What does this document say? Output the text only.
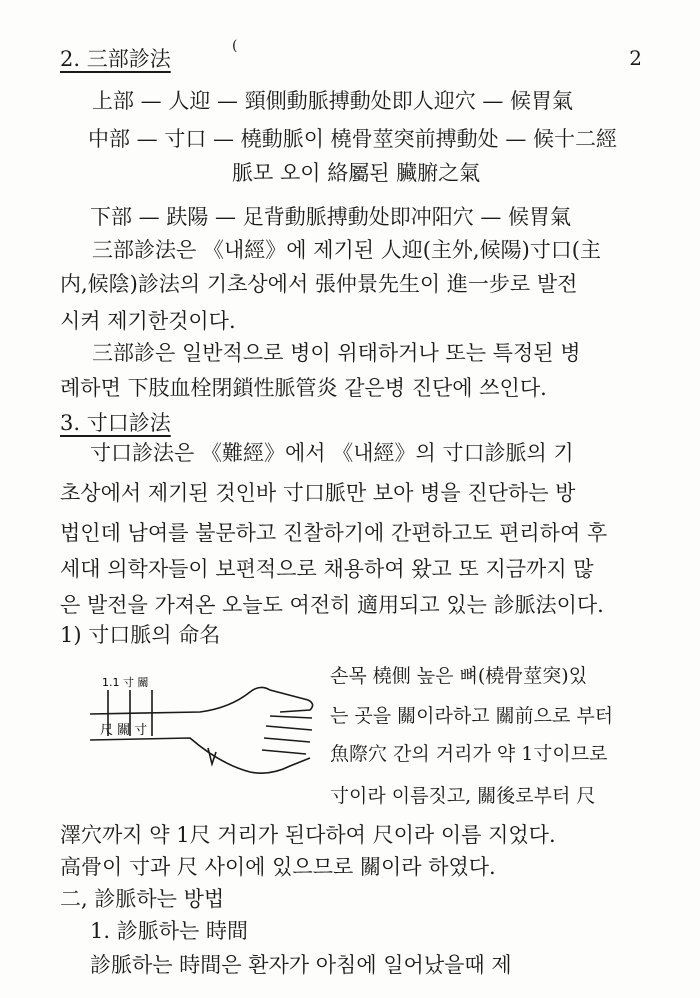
2
(
2. 三部診法
上部 — 人迎 — 頸側動脈搏動处即人迎穴 — 候胃氣
中部 — 寸口 — 橈動脈이 橈骨莖突前搏動处 — 候十二經
脈모 오이 絡屬된 臟腑之氣
下部 — 趺陽 — 足背動脈搏動处即冲阳穴 — 候胃氣
三部診法은 《내經》에 제기된 人迎(主外,候陽)寸口(主
内,候陰)診法의 기초상에서 張仲景先生이 進一步로 발전
시켜 제기한것이다.
三部診은 일반적으로 병이 위태하거나 또는 특정된 병
례하면 下肢血栓閉鎖性脈管炎 같은병 진단에 쓰인다.
3. 寸口診法
寸口診法은 《難經》에서 《내經》의 寸口診脈의 기
초상에서 제기된 것인바 寸口脈만 보아 병을 진단하는 방
법인데 남여를 불문하고 진찰하기에 간편하고도 편리하여 후
세대 의학자들이 보편적으로 채용하여 왔고 또 지금까지 많
은 발전을 가져온 오늘도 여전히 適用되고 있는 診脈法이다.
1) 寸口脈의 命名
1.1 寸 關
尺 關 寸
손목 橈側 높은 뼈(橈骨莖突)있
는 곳을 關이라하고 關前으로 부터
魚際穴 간의 거리가 약 1寸이므로
寸이라 이름짓고, 關後로부터 尺
澤穴까지 약 1尺 거리가 된다하여 尺이라 이름 지었다.
高骨이 寸과 尺 사이에 있으므로 關이라 하였다.
二, 診脈하는 방법
1. 診脈하는 時間
診脈하는 時間은 환자가 아침에 일어났을때 제
